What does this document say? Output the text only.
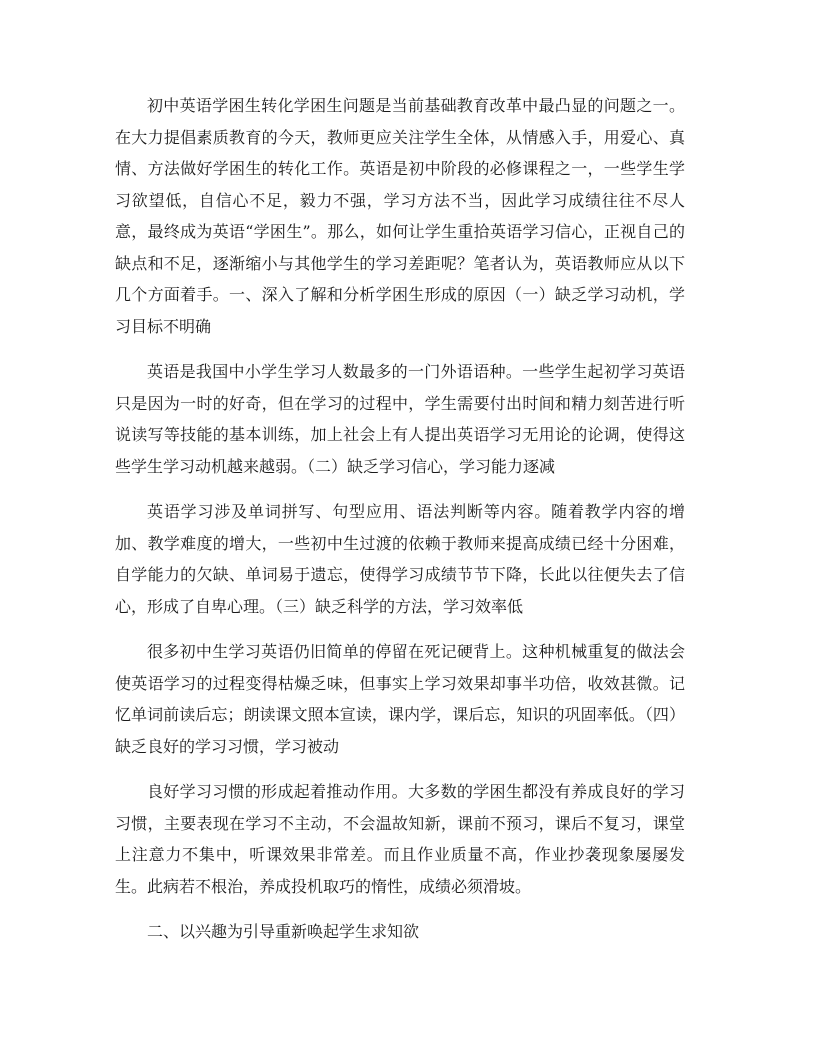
初中英语学困生转化学困生问题是当前基础教育改革中最凸显的问题之一。在大力提倡素质教育的今天，教师更应关注学生全体，从情感入手，用爱心、真情、方法做好学困生的转化工作。英语是初中阶段的必修课程之一，一些学生学习欲望低，自信心不足，毅力不强，学习方法不当，因此学习成绩往往不尽人意，最终成为英语“学困生”。那么，如何让学生重拾英语学习信心，正视自己的缺点和不足，逐渐缩小与其他学生的学习差距呢？笔者认为，英语教师应从以下几个方面着手。一、深入了解和分析学困生形成的原因（一）缺乏学习动机，学习目标不明确

英语是我国中小学生学习人数最多的一门外语语种。一些学生起初学习英语只是因为一时的好奇，但在学习的过程中，学生需要付出时间和精力刻苦进行听说读写等技能的基本训练，加上社会上有人提出英语学习无用论的论调，使得这些学生学习动机越来越弱。（二）缺乏学习信心，学习能力逐减

英语学习涉及单词拼写、句型应用、语法判断等内容。随着教学内容的增加、教学难度的增大，一些初中生过渡的依赖于教师来提高成绩已经十分困难，自学能力的欠缺、单词易于遗忘，使得学习成绩节节下降，长此以往便失去了信心，形成了自卑心理。（三）缺乏科学的方法，学习效率低

很多初中生学习英语仍旧简单的停留在死记硬背上。这种机械重复的做法会使英语学习的过程变得枯燥乏味，但事实上学习效果却事半功倍，收效甚微。记忆单词前读后忘；朗读课文照本宣读，课内学，课后忘，知识的巩固率低。（四）缺乏良好的学习习惯，学习被动

良好学习习惯的形成起着推动作用。大多数的学困生都没有养成良好的学习习惯，主要表现在学习不主动，不会温故知新，课前不预习，课后不复习，课堂上注意力不集中，听课效果非常差。而且作业质量不高，作业抄袭现象屡屡发生。此病若不根治，养成投机取巧的惰性，成绩必须滑坡。

二、以兴趣为引导重新唤起学生求知欲
